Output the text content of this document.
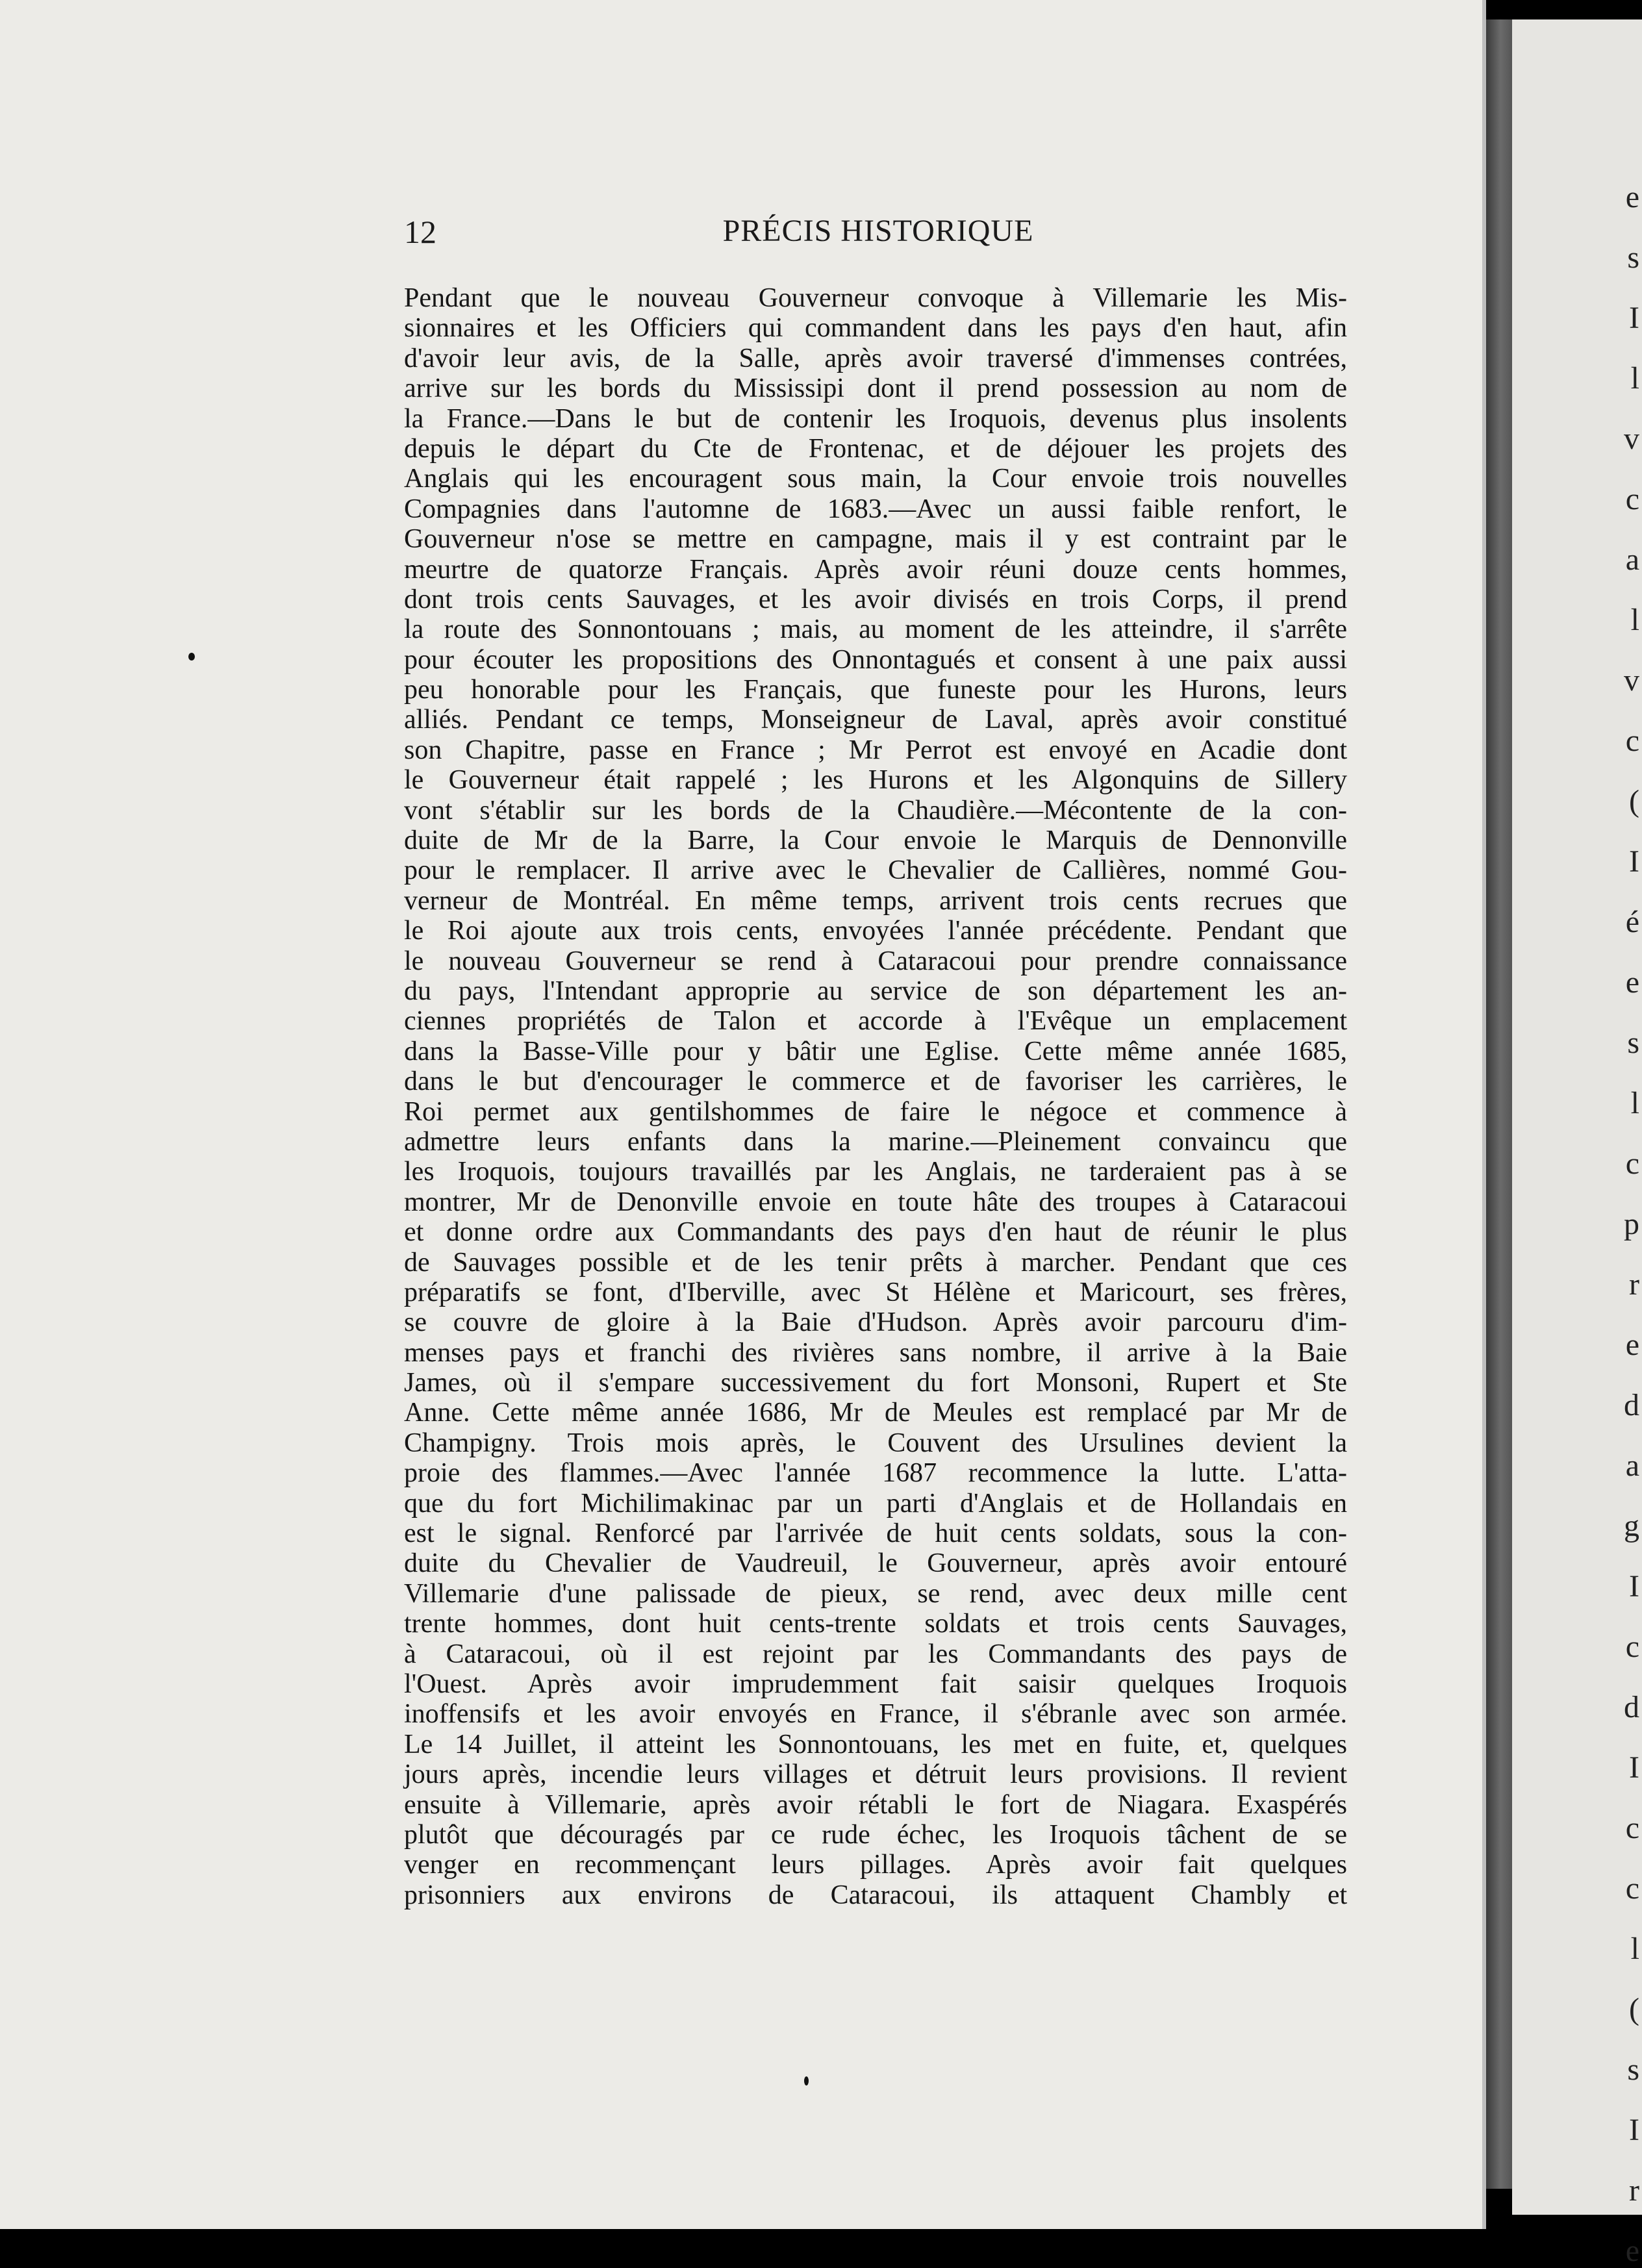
12	PRÉCIS HISTORIQUE
Pendant que le nouveau Gouverneur convoque à Villemarie les Mis-
sionnaires et les Officiers qui commandent dans les pays d'en haut, afin
d'avoir leur avis, de la Salle, après avoir traversé d'immenses contrées,
arrive sur les bords du Mississipi dont il prend possession au nom de
la France.—Dans le but de contenir les Iroquois, devenus plus insolents
depuis le départ du Cte de Frontenac, et de déjouer les projets des
Anglais qui les encouragent sous main, la Cour envoie trois nouvelles
Compagnies dans l'automne de 1683.—Avec un aussi faible renfort, le
Gouverneur n'ose se mettre en campagne, mais il y est contraint par le
meurtre de quatorze Français. Après avoir réuni douze cents hommes,
dont trois cents Sauvages, et les avoir divisés en trois Corps, il prend
la route des Sonnontouans ; mais, au moment de les atteindre, il s'arrête
pour écouter les propositions des Onnontagués et consent à une paix aussi
peu honorable pour les Français, que funeste pour les Hurons, leurs
alliés. Pendant ce temps, Monseigneur de Laval, après avoir constitué
son Chapitre, passe en France ; Mr Perrot est envoyé en Acadie dont
le Gouverneur était rappelé ; les Hurons et les Algonquins de Sillery
vont s'établir sur les bords de la Chaudière.—Mécontente de la con-
duite de Mr de la Barre, la Cour envoie le Marquis de Dennonville
pour le remplacer. Il arrive avec le Chevalier de Callières, nommé Gou-
verneur de Montréal. En même temps, arrivent trois cents recrues que
le Roi ajoute aux trois cents, envoyées l'année précédente. Pendant que
le nouveau Gouverneur se rend à Cataracoui pour prendre connaissance
du pays, l'Intendant approprie au service de son département les an-
ciennes propriétés de Talon et accorde à l'Evêque un emplacement
dans la Basse-Ville pour y bâtir une Eglise. Cette même année 1685,
dans le but d'encourager le commerce et de favoriser les carrières, le
Roi permet aux gentilshommes de faire le négoce et commence à
admettre leurs enfants dans la marine.—Pleinement convaincu que
les Iroquois, toujours travaillés par les Anglais, ne tarderaient pas à se
montrer, Mr de Denonville envoie en toute hâte des troupes à Cataracoui
et donne ordre aux Commandants des pays d'en haut de réunir le plus
de Sauvages possible et de les tenir prêts à marcher. Pendant que ces
préparatifs se font, d'Iberville, avec St Hélène et Maricourt, ses frères,
se couvre de gloire à la Baie d'Hudson. Après avoir parcouru d'im-
menses pays et franchi des rivières sans nombre, il arrive à la Baie
James, où il s'empare successivement du fort Monsoni, Rupert et Ste
Anne. Cette même année 1686, Mr de Meules est remplacé par Mr de
Champigny. Trois mois après, le Couvent des Ursulines devient la
proie des flammes.—Avec l'année 1687 recommence la lutte. L'atta-
que du fort Michilimakinac par un parti d'Anglais et de Hollandais en
est le signal. Renforcé par l'arrivée de huit cents soldats, sous la con-
duite du Chevalier de Vaudreuil, le Gouverneur, après avoir entouré
Villemarie d'une palissade de pieux, se rend, avec deux mille cent
trente hommes, dont huit cents-trente soldats et trois cents Sauvages,
à Cataracoui, où il est rejoint par les Commandants des pays de
l'Ouest. Après avoir imprudemment fait saisir quelques Iroquois
inoffensifs et les avoir envoyés en France, il s'ébranle avec son armée.
Le 14 Juillet, il atteint les Sonnontouans, les met en fuite, et, quelques
jours après, incendie leurs villages et détruit leurs provisions. Il revient
ensuite à Villemarie, après avoir rétabli le fort de Niagara. Exaspérés
plutôt que découragés par ce rude échec, les Iroquois tâchent de se
venger en recommençant leurs pillages. Après avoir fait quelques
prisonniers aux environs de Cataracoui, ils attaquent Chambly et
e
s
I
l
v
c
a
l
v
c
(
I
é
e
s
l
c
p
r
e
d
a
g
I
c
d
I
c
c
l
(
s
I
r
e
